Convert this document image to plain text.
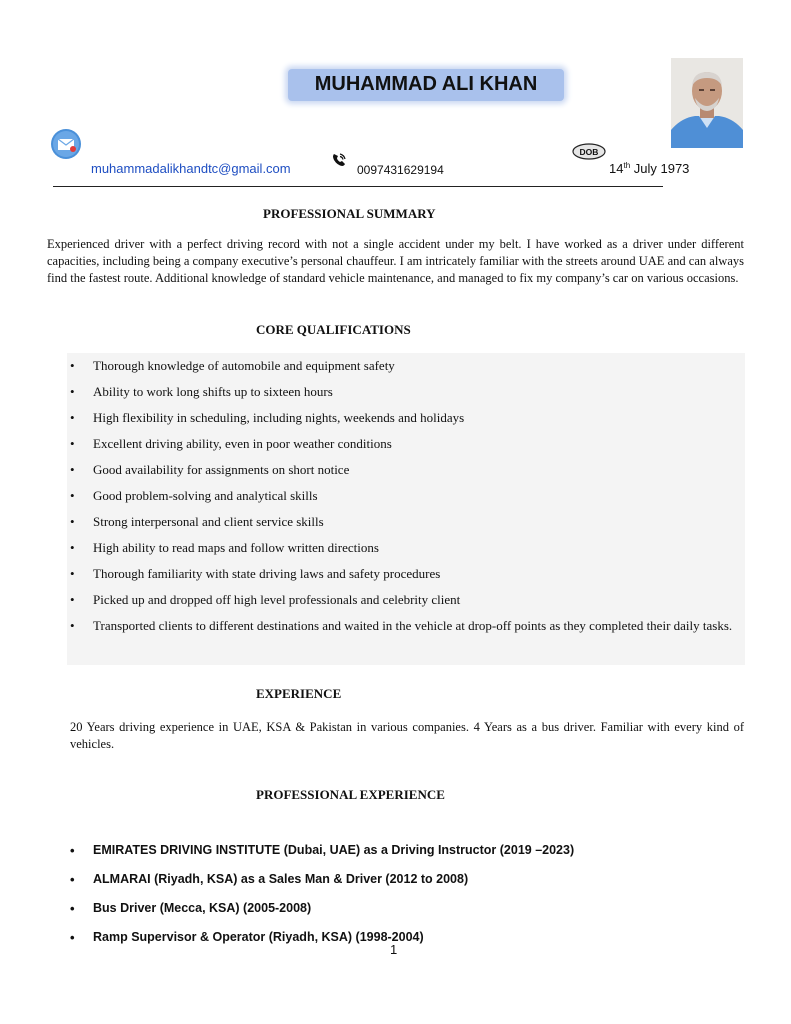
MUHAMMAD ALI KHAN
muhammadalikhandtc@gmail.com	0097431629194
DOB
14th July 1973
PROFESSIONAL SUMMARY
Experienced driver with a perfect driving record with not a single accident under my belt. I have worked as a driver under different capacities, including being a company executive’s personal chauffeur. I am intricately familiar with the streets around UAE and can always find the fastest route. Additional knowledge of standard vehicle maintenance, and managed to fix my company’s car on various occasions.
CORE QUALIFICATIONS
• Thorough knowledge of automobile and equipment safety
• Ability to work long shifts up to sixteen hours
• High flexibility in scheduling, including nights, weekends and holidays
• Excellent driving ability, even in poor weather conditions
• Good availability for assignments on short notice
• Good problem-solving and analytical skills
• Strong interpersonal and client service skills
• High ability to read maps and follow written directions
• Thorough familiarity with state driving laws and safety procedures
• Picked up and dropped off high level professionals and celebrity client
• Transported clients to different destinations and waited in the vehicle at drop-off points as they completed their daily tasks.
EXPERIENCE
20 Years driving experience in UAE, KSA & Pakistan in various companies. 4 Years as a bus driver. Familiar with every kind of vehicles.
PROFESSIONAL EXPERIENCE
• EMIRATES DRIVING INSTITUTE (Dubai, UAE) as a Driving Instructor (2019 –2023)
• ALMARAI (Riyadh, KSA) as a Sales Man & Driver (2012 to 2008)
• Bus Driver (Mecca, KSA) (2005-2008)
• Ramp Supervisor & Operator (Riyadh, KSA) (1998-2004)
1
